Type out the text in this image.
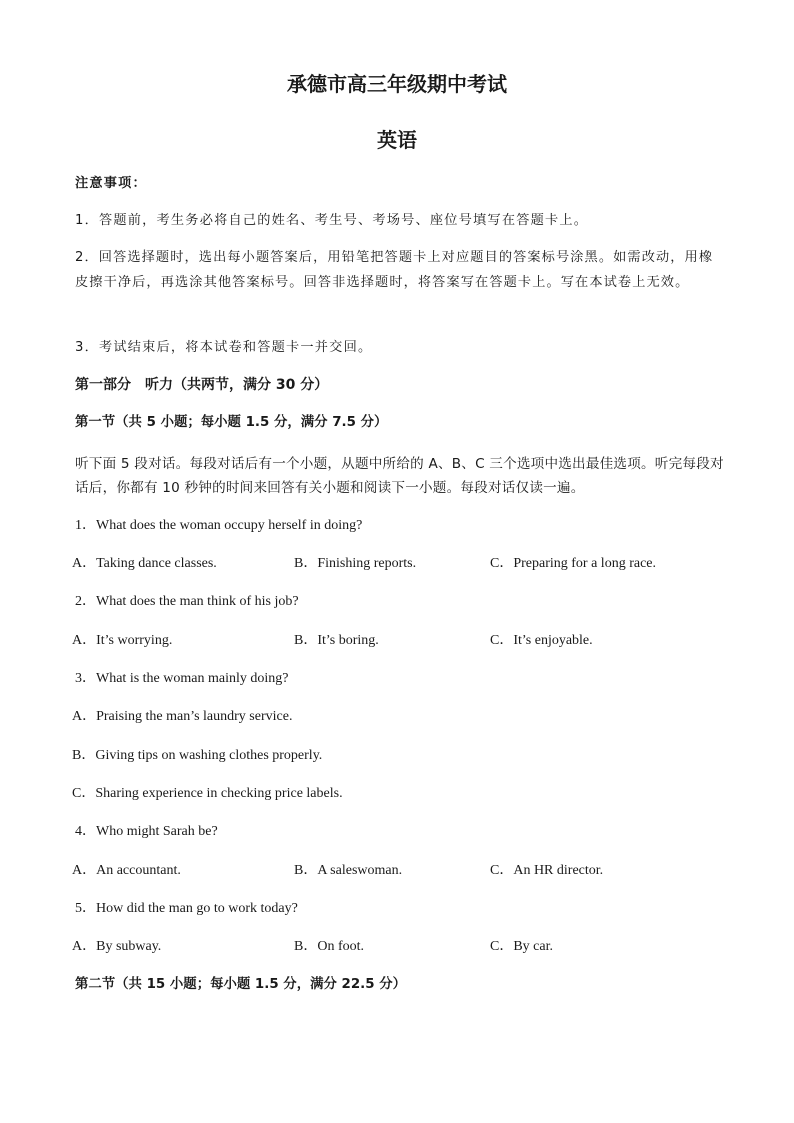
承德市高三年级期中考试
英语
注意事项：
1．答题前，考生务必将自己的姓名、考生号、考场号、座位号填写在答题卡上。
2．回答选择题时，选出每小题答案后，用铅笔把答题卡上对应题目的答案标号涂黑。如需改动，用橡皮擦干净后，再选涂其他答案标号。回答非选择题时，将答案写在答题卡上。写在本试卷上无效。
3．考试结束后，将本试卷和答题卡一并交回。
第一部分　听力（共两节，满分 30 分）
第一节（共 5 小题；每小题 1.5 分，满分 7.5 分）
听下面 5 段对话。每段对话后有一个小题，从题中所给的 A、B、C 三个选项中选出最佳选项。听完每段对话后，你都有 10 秒钟的时间来回答有关小题和阅读下一小题。每段对话仅读一遍。
1．What does the woman occupy herself in doing?
A．Taking dance classes.	B．Finishing reports.	C．Preparing for a long race.
2．What does the man think of his job?
A．It’s worrying.	B．It’s boring.	C．It’s enjoyable.
3．What is the woman mainly doing?
A．Praising the man’s laundry service.
B．Giving tips on washing clothes properly.
C．Sharing experience in checking price labels.
4．Who might Sarah be?
A．An accountant.	B．A saleswoman.	C．An HR director.
5．How did the man go to work today?
A．By subway.	B．On foot.	C．By car.
第二节（共 15 小题；每小题 1.5 分，满分 22.5 分）
